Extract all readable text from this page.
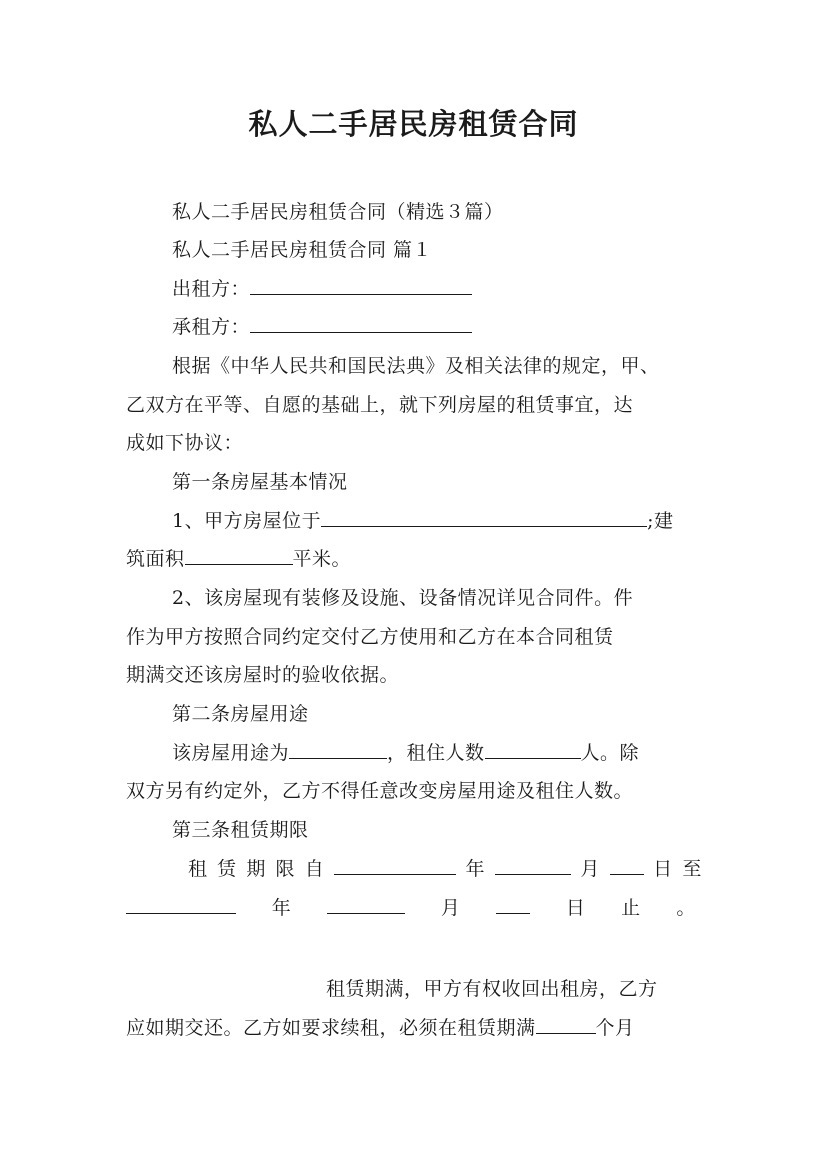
私人二手居民房租赁合同
私人二手居民房租赁合同（精选３篇）
私人二手居民房租赁合同 篇１
出租方：
承租方：
根据《中华人民共和国民法典》及相关法律的规定，甲、
乙双方在平等、自愿的基础上，就下列房屋的租赁事宜，达
成如下协议：
第一条房屋基本情况
1、甲方房屋位于	;建
筑面积	平米。
2、该房屋现有装修及设施、设备情况详见合同件。件
作为甲方按照合同约定交付乙方使用和乙方在本合同租赁
期满交还该房屋时的验收依据。
第二条房屋用途
该房屋用途为	，租住人数	人。除
双方另有约定外，乙方不得任意改变房屋用途及租住人数。
第三条租赁期限
租 赁 期 限 自	年	月	日 至
年	月	日 止 。
租赁期满，甲方有权收回出租房，乙方
应如期交还。乙方如要求续租，必须在租赁期满	个月
